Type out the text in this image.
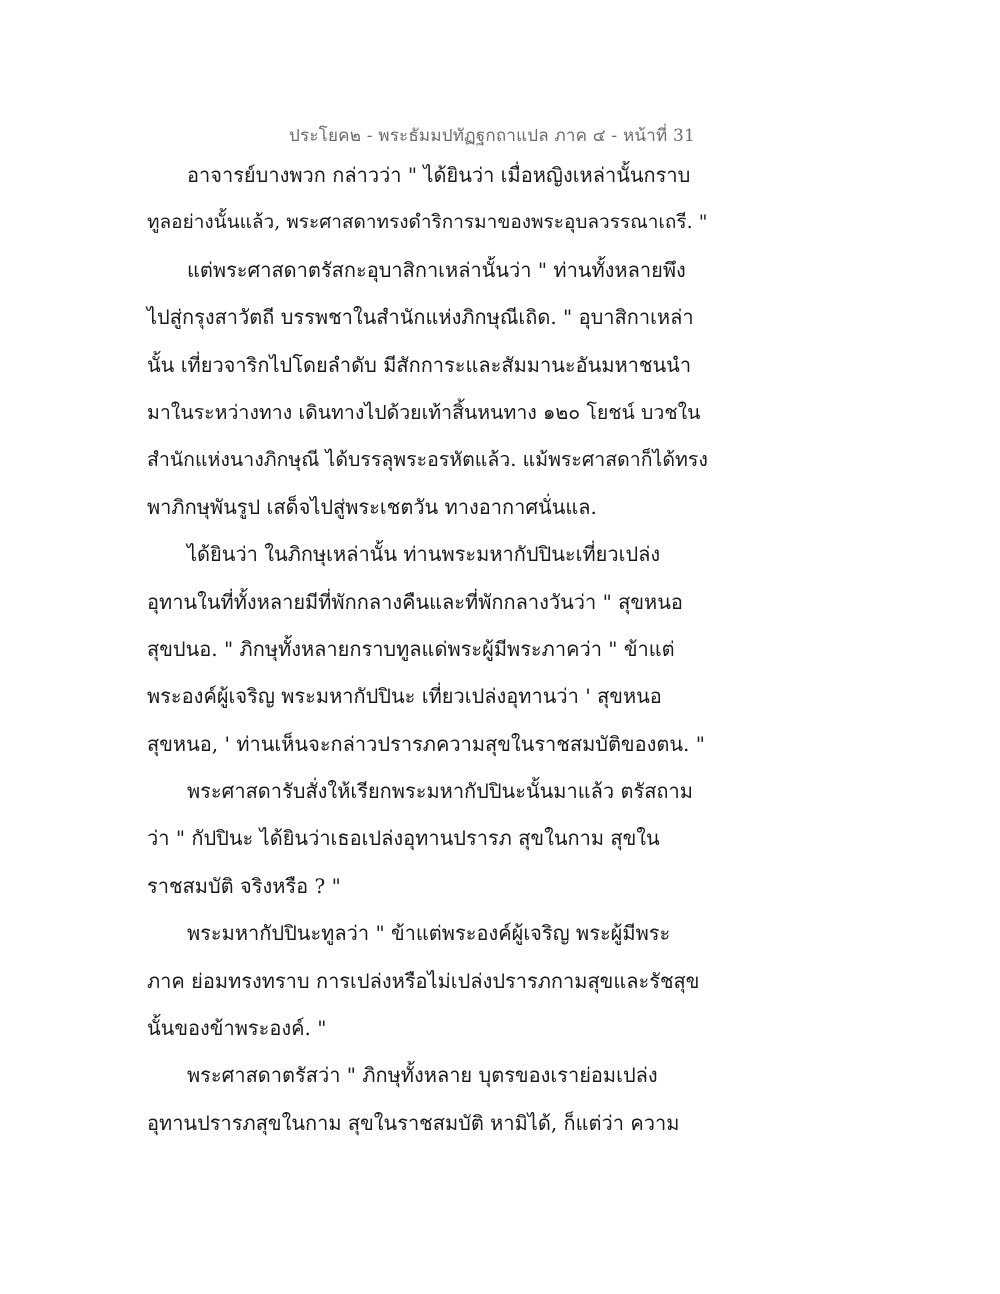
ประโยค๒ - พระธัมมปทัฏฐกถาแปล ภาค ๔ - หน้าที่ 31
อาจารย์บางพวก กล่าวว่า " ได้ยินว่า เมื่อหญิงเหล่านั้นกราบ
ทูลอย่างนั้นแล้ว, พระศาสดาทรงดำริการมาของพระอุบลวรรณาเถรี. "
แต่พระศาสดาตรัสกะอุบาสิกาเหล่านั้นว่า " ท่านทั้งหลายพึง
ไปสู่กรุงสาวัตถี บรรพชาในสำนักแห่งภิกษุณีเถิด. " อุบาสิกาเหล่า
นั้น เที่ยวจาริกไปโดยลำดับ มีสักการะและสัมมานะอันมหาชนนำ
มาในระหว่างทาง เดินทางไปด้วยเท้าสิ้นหนทาง ๑๒๐ โยชน์ บวชใน
สำนักแห่งนางภิกษุณี ได้บรรลุพระอรหัตแล้ว. แม้พระศาสดาก็ได้ทรง
พาภิกษุพันรูป เสด็จไปสู่พระเชตวัน ทางอากาศนั่นแล.
ได้ยินว่า ในภิกษุเหล่านั้น ท่านพระมหากัปปินะเที่ยวเปล่ง
อุทานในที่ทั้งหลายมีที่พักกลางคืนและที่พักกลางวันว่า " สุขหนอ
สุขปนอ. " ภิกษุทั้งหลายกราบทูลแด่พระผู้มีพระภาคว่า " ข้าแต่
พระองค์ผู้เจริญ พระมหากัปปินะ เที่ยวเปล่งอุทานว่า ' สุขหนอ
สุขหนอ, ' ท่านเห็นจะกล่าวปรารภความสุขในราชสมบัติของตน. "
พระศาสดารับสั่งให้เรียกพระมหากัปปินะนั้นมาแล้ว ตรัสถาม
ว่า " กัปปินะ ได้ยินว่าเธอเปล่งอุทานปรารภ สุขในกาม สุขใน
ราชสมบัติ จริงหรือ ? "
พระมหากัปปินะทูลว่า " ข้าแต่พระองค์ผู้เจริญ พระผู้มีพระ
ภาค ย่อมทรงทราบ การเปล่งหรือไม่เปล่งปรารภกามสุขและรัชสุข
นั้นของข้าพระองค์. "
พระศาสดาตรัสว่า " ภิกษุทั้งหลาย บุตรของเราย่อมเปล่ง
อุทานปรารภสุขในกาม สุขในราชสมบัติ หามิได้, ก็แต่ว่า ความ
